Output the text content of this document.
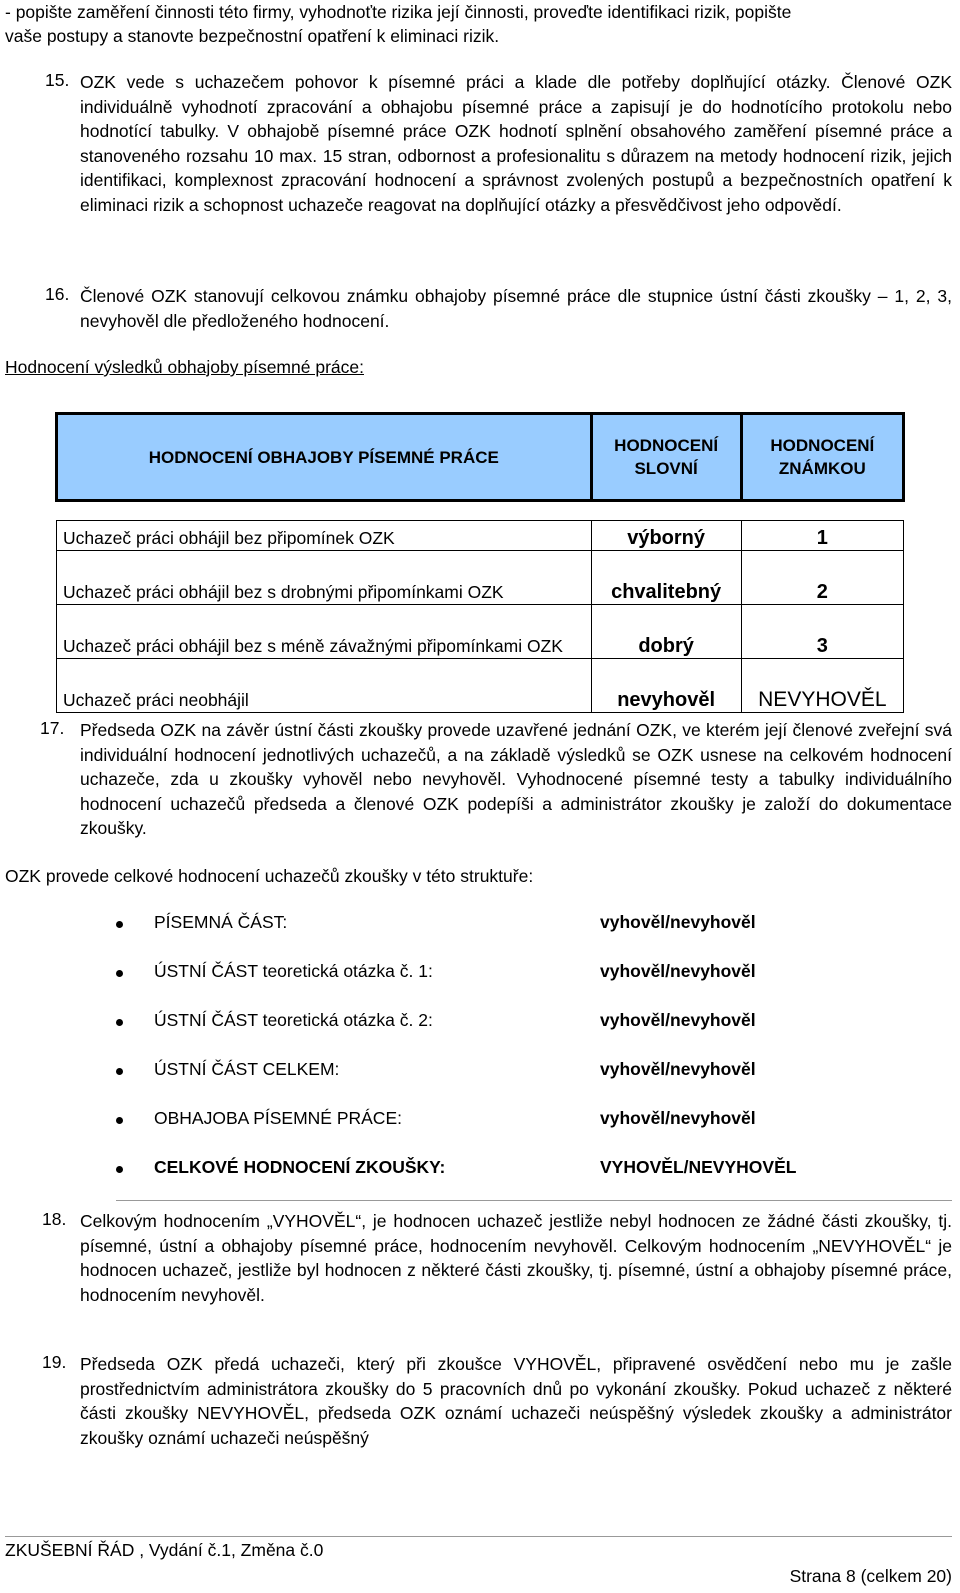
- popište zaměření činnosti této firmy, vyhodnoťte rizika její činnosti, proveďte identifikaci rizik, popište

vaše postupy a stanovte bezpečnostní opatření k eliminaci rizik.

15. OZK vede s uchazečem pohovor k písemné práci a klade dle potřeby doplňující otázky. Členové OZK individuálně vyhodnotí zpracování a obhajobu písemné práce a zapisují je do hodnotícího protokolu nebo hodnotící tabulky. V obhajobě písemné práce OZK hodnotí splnění obsahového zaměření písemné práce a stanoveného rozsahu 10 max. 15 stran, odbornost a profesionalitu s důrazem na metody hodnocení rizik, jejich identifikaci, komplexnost zpracování hodnocení a správnost zvolených postupů a bezpečnostních opatření k eliminaci rizik a schopnost uchazeče reagovat na doplňující otázky a přesvědčivost jeho odpovědí.
16. Členové OZK stanovují celkovou známku obhajoby písemné práce dle stupnice ústní části zkoušky – 1, 2, 3, nevyhověl dle předloženého hodnocení.

Hodnocení výsledků obhajoby písemné práce:

HODNOCENÍ OBHAJOBY PÍSEMNÉ PRÁCE	HODNOCENÍ SLOVNÍ	HODNOCENÍ ZNÁMKOU

Uchazeč práci obhájil bez připomínek OZK	výborný	1
Uchazeč práci obhájil bez s drobnými připomínkami OZK	chvalitebný	2
Uchazeč práci obhájil bez s méně závažnými připomínkami OZK	dobrý	3
Uchazeč práci neobhájil	nevyhověl	NEVYHOVĚL
17. Předseda OZK na závěr ústní části zkoušky provede uzavřené jednání OZK, ve kterém její členové zveřejní svá individuální hodnocení jednotlivých uchazečů, a na základě výsledků se OZK usnese na celkovém hodnocení uchazeče, zda u zkoušky vyhověl nebo nevyhověl. Vyhodnocené písemné testy a tabulky individuálního hodnocení uchazečů předseda a členové OZK podepíši a administrátor zkoušky je založí do dokumentace zkoušky.

OZK provede celkové hodnocení uchazečů zkoušky v této struktuře:

PÍSEMNÁ ČÁST:	vyhověl/nevyhověl
ÚSTNÍ ČÁST teoretická otázka č. 1:	vyhověl/nevyhověl
ÚSTNÍ ČÁST teoretická otázka č. 2:	vyhověl/nevyhověl
ÚSTNÍ ČÁST CELKEM:	vyhověl/nevyhověl
OBHAJOBA PÍSEMNÉ PRÁCE:	vyhověl/nevyhověl
CELKOVÉ HODNOCENÍ ZKOUŠKY:	VYHOVĚL/NEVYHOVĚL
18. Celkovým hodnocením „VYHOVĚL“, je hodnocen uchazeč jestliže nebyl hodnocen ze žádné části zkoušky, tj. písemné, ústní a obhajoby písemné práce, hodnocením nevyhověl. Celkovým hodnocením „NEVYHOVĚL“ je hodnocen uchazeč, jestliže byl hodnocen z některé části zkoušky, tj. písemné, ústní a obhajoby písemné práce, hodnocením nevyhověl.
19. Předseda OZK předá uchazeči, který při zkoušce VYHOVĚL, připravené osvědčení nebo mu je zašle prostřednictvím administrátora zkoušky do 5 pracovních dnů po vykonání zkoušky. Pokud uchazeč z některé části zkoušky NEVYHOVĚL, předseda OZK oznámí uchazeči neúspěšný výsledek zkoušky a administrátor zkoušky oznámí uchazeči neúspěšný
ZKUŠEBNÍ ŘÁD , Vydání č.1, Změna č.0
Strana 8 (celkem 20)
